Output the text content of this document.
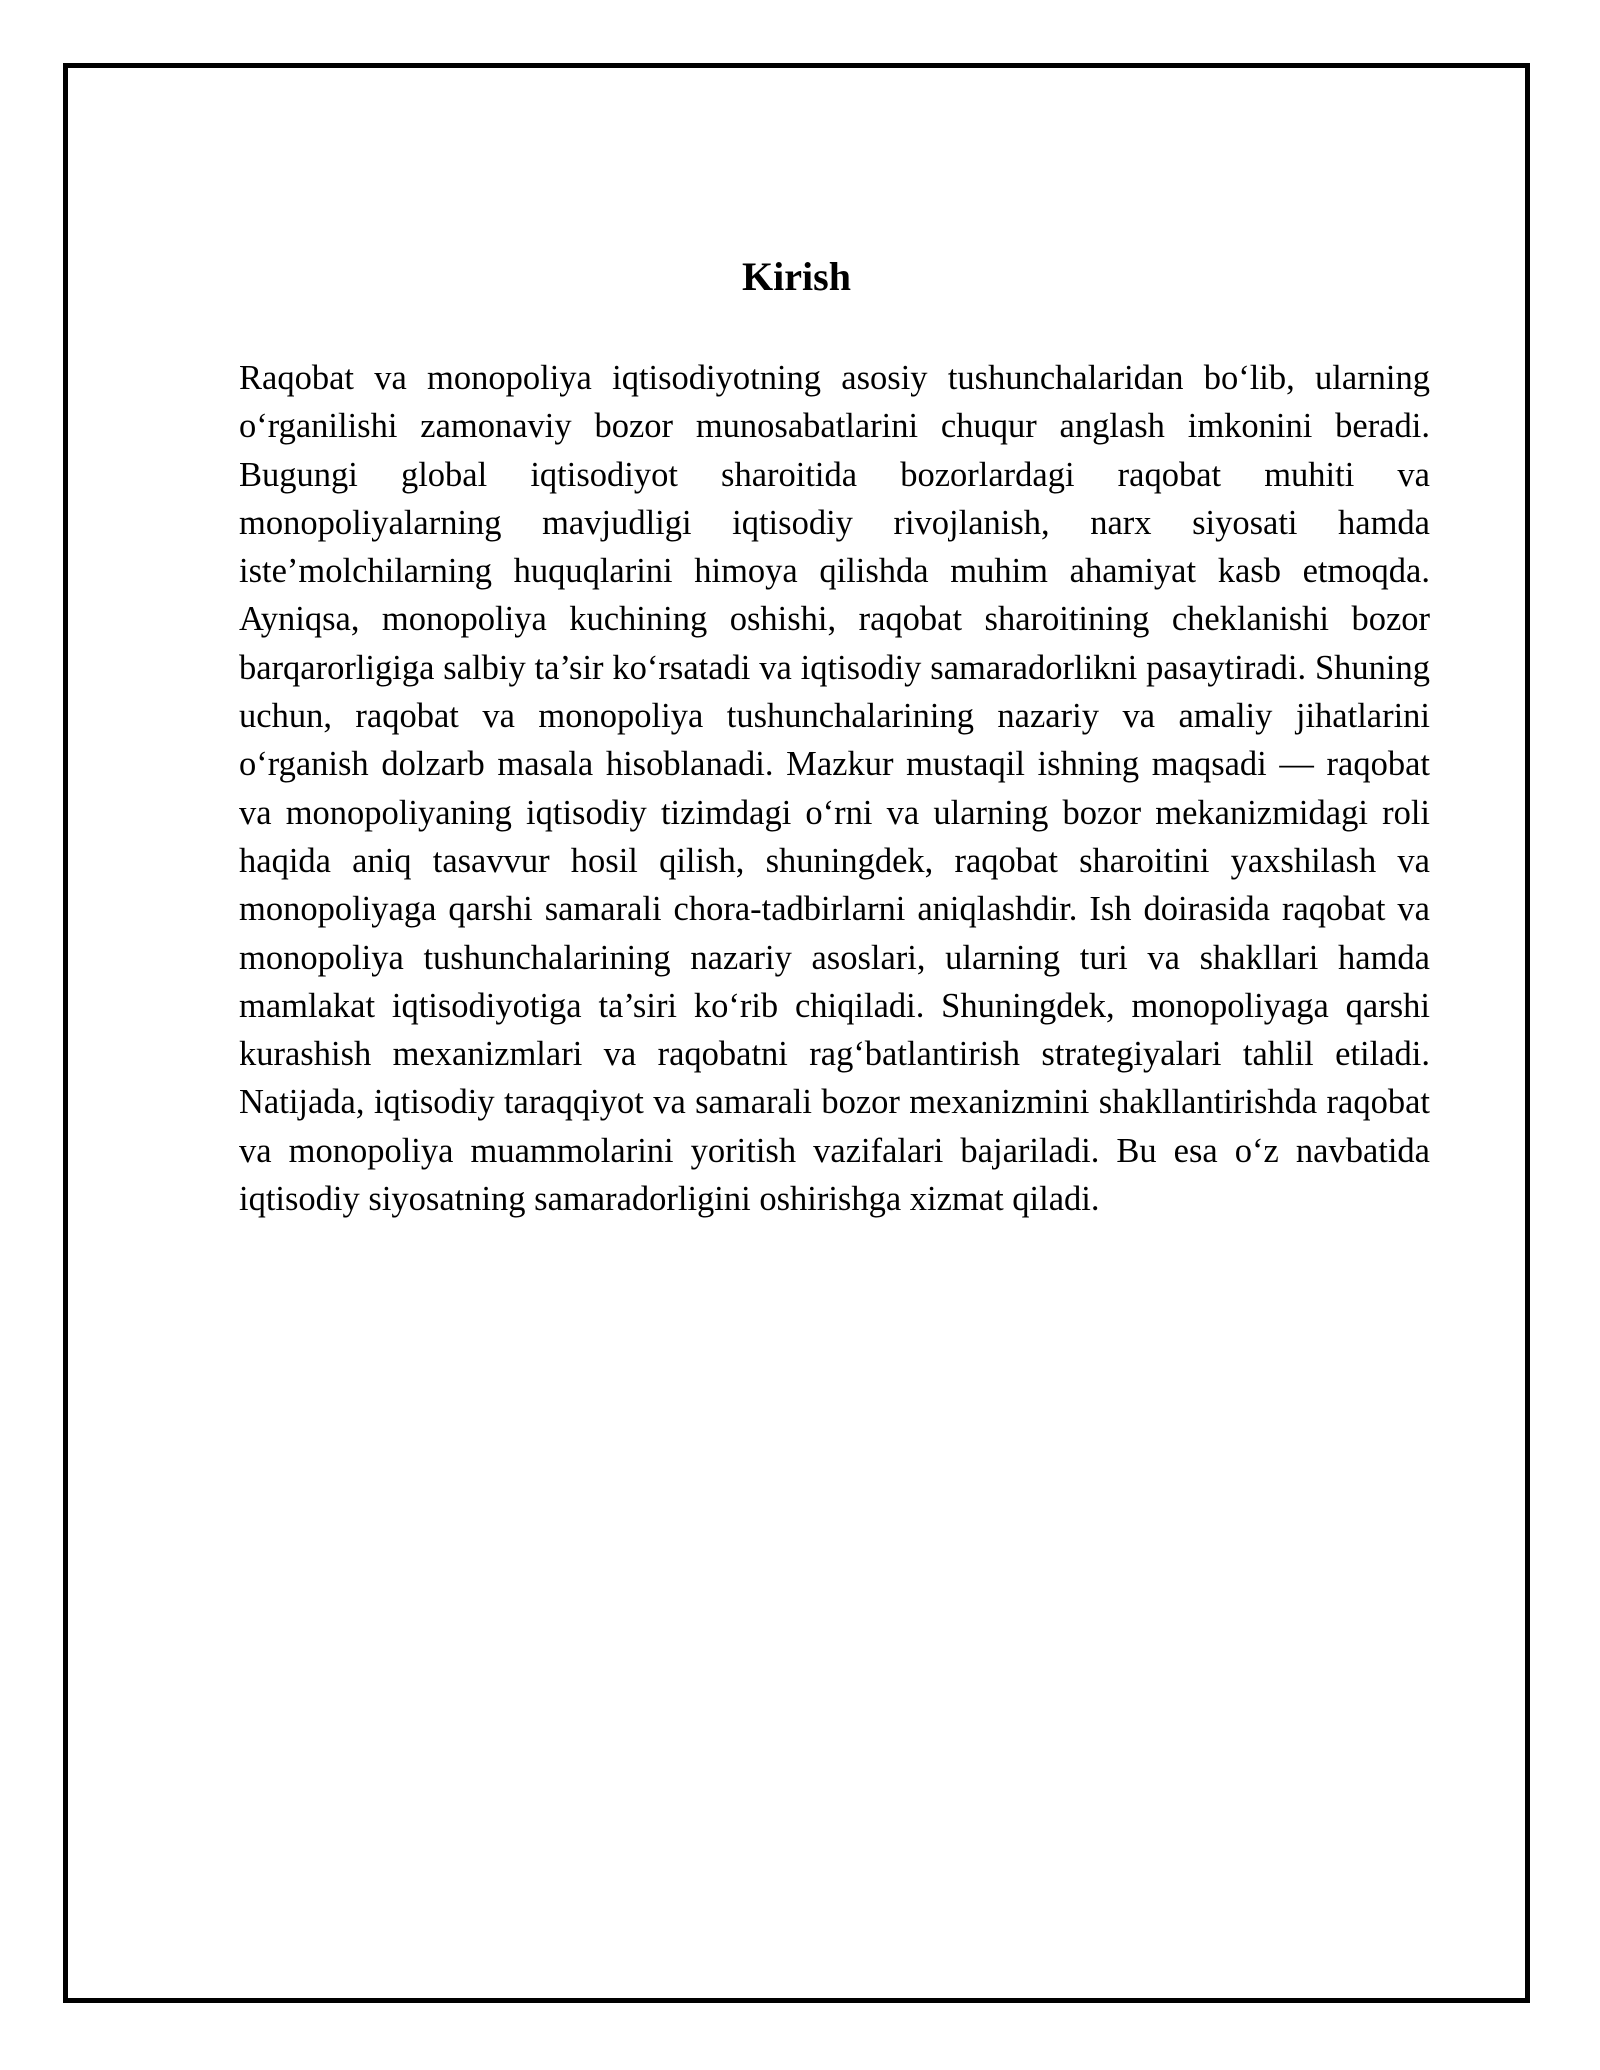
Kirish

Raqobat va monopoliya iqtisodiyotning asosiy tushunchalaridan bo‘lib, ularning o‘rganilishi zamonaviy bozor munosabatlarini chuqur anglash imkonini beradi. Bugungi global iqtisodiyot sharoitida bozorlardagi raqobat muhiti va monopoliyalarning mavjudligi iqtisodiy rivojlanish, narx siyosati hamda iste’molchilarning huquqlarini himoya qilishda muhim ahamiyat kasb etmoqda. Ayniqsa, monopoliya kuchining oshishi, raqobat sharoitining cheklanishi bozor barqarorligiga salbiy ta’sir ko‘rsatadi va iqtisodiy samaradorlikni pasaytiradi. Shuning uchun, raqobat va monopoliya tushunchalarining nazariy va amaliy jihatlarini o‘rganish dolzarb masala hisoblanadi. Mazkur mustaqil ishning maqsadi — raqobat va monopoliyaning iqtisodiy tizimdagi o‘rni va ularning bozor mekanizmidagi roli haqida aniq tasavvur hosil qilish, shuningdek, raqobat sharoitini yaxshilash va monopoliyaga qarshi samarali chora-tadbirlarni aniqlashdir. Ish doirasida raqobat va monopoliya tushunchalarining nazariy asoslari, ularning turi va shakllari hamda mamlakat iqtisodiyotiga ta’siri ko‘rib chiqiladi. Shuningdek, monopoliyaga qarshi kurashish mexanizmlari va raqobatni rag‘batlantirish strategiyalari tahlil etiladi. Natijada, iqtisodiy taraqqiyot va samarali bozor mexanizmini shakllantirishda raqobat va monopoliya muammolarini yoritish vazifalari bajariladi. Bu esa o‘z navbatida iqtisodiy siyosatning samaradorligini oshirishga xizmat qiladi.
